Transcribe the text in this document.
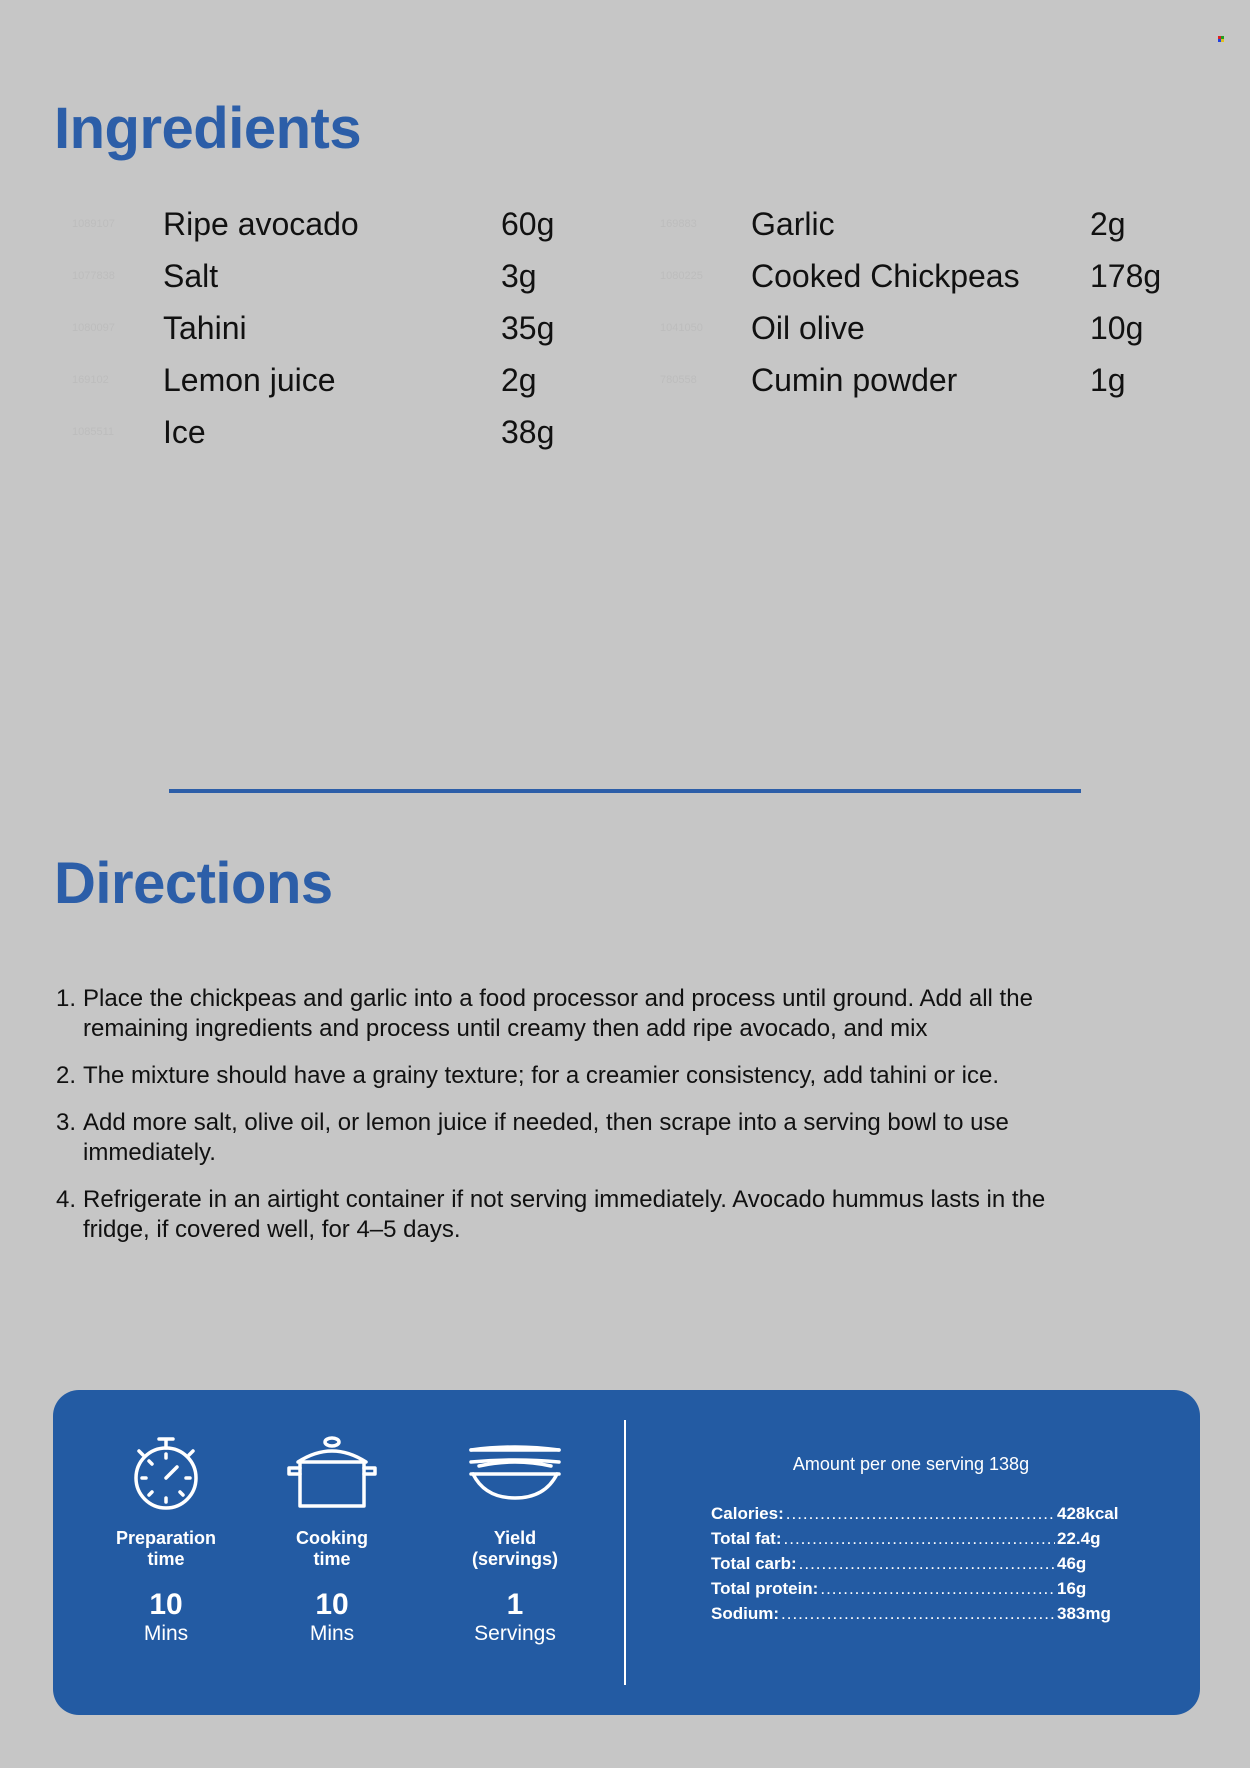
Ingredients
1089107 Ripe avocado	60g
1077838 Salt	3g
1080097 Tahini	35g
169102 Lemon juice	2g
1085511 Ice	38g
169883 Garlic	2g
1080225 Cooked Chickpeas 178g
1041050 Oil olive	10g
780558 Cumin powder	1g
Directions
1. Place the chickpeas and garlic into a food processor and process until ground. Add all the remaining ingredients and process until creamy then add ripe avocado, and mix
2. The mixture should have a grainy texture; for a creamier consistency, add tahini or ice.
3. Add more salt, olive oil, or lemon juice if needed, then scrape into a serving bowl to use immediately.
4. Refrigerate in an airtight container if not serving immediately. Avocado hummus lasts in the fridge, if covered well, for 4–5 days.
Preparation
time
10
Mins
Cooking
time
10
Mins
Yield
(servings)
1
Servings
Amount per one serving 138g
Calories: .....	428kcal
Total fat: .....	22.4g
Total carb: .....	46g
Total protein: .....	16g
Sodium: .....	383mg
